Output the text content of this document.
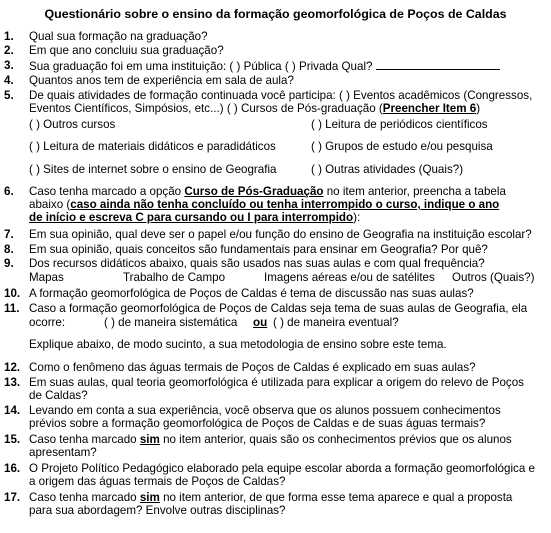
Questionário sobre o ensino da formação geomorfológica de Poços de Caldas
1. Qual sua formação na graduação?
2. Em que ano concluiu sua graduação?
3. Sua graduação foi em uma instituição: ( ) Pública ( ) Privada Qual?
4. Quantos anos tem de experiência em sala de aula?
5. De quais atividades de formação continuada você participa: ( ) Eventos acadêmicos (Congressos,
Eventos Científicos, Simpósios, etc...) ( ) Cursos de Pós-graduação (Preencher Item 6)
( ) Outros cursos	( ) Leitura de periódicos científicos
( ) Leitura de materiais didáticos e paradidáticos	( ) Grupos de estudo e/ou pesquisa
( ) Sites de internet sobre o ensino de Geografia	( ) Outras atividades (Quais?)
6. Caso tenha marcado a opção Curso de Pós-Graduação no item anterior, preencha a tabela
abaixo (caso ainda não tenha concluído ou tenha interrompido o curso, indique o ano
de início e escreva C para cursando ou I para interrompido):
7. Em sua opinião, qual deve ser o papel e/ou função do ensino de Geografia na instituição escolar?
8. Em sua opinião, quais conceitos são fundamentais para ensinar em Geografia? Por quê?
9. Dos recursos didáticos abaixo, quais são usados nas suas aulas e com qual frequência?
Mapas	Trabalho de Campo	Imagens aéreas e/ou de satélites Outros (Quais?)
10. A formação geomorfológica de Poços de Caldas é tema de discussão nas suas aulas?
11. Caso a formação geomorfológica de Poços de Caldas seja tema de suas aulas de Geografia, ela
ocorre:	( ) de maneira sistemática ou ( ) de maneira eventual?
Explique abaixo, de modo sucinto, a sua metodologia de ensino sobre este tema.
12. Como o fenômeno das águas termais de Poços de Caldas é explicado em suas aulas?
13. Em suas aulas, qual teoria geomorfológica é utilizada para explicar a origem do relevo de Poços
de Caldas?
14. Levando em conta a sua experiência, você observa que os alunos possuem conhecimentos
prévios sobre a formação geomorfológica de Poços de Caldas e de suas águas termais?
15. Caso tenha marcado sim no item anterior, quais são os conhecimentos prévios que os alunos
apresentam?
16. O Projeto Político Pedagógico elaborado pela equipe escolar aborda a formação geomorfológica e
a origem das águas termais de Poços de Caldas?
17. Caso tenha marcado sim no item anterior, de que forma esse tema aparece e qual a proposta
para sua abordagem? Envolve outras disciplinas?
